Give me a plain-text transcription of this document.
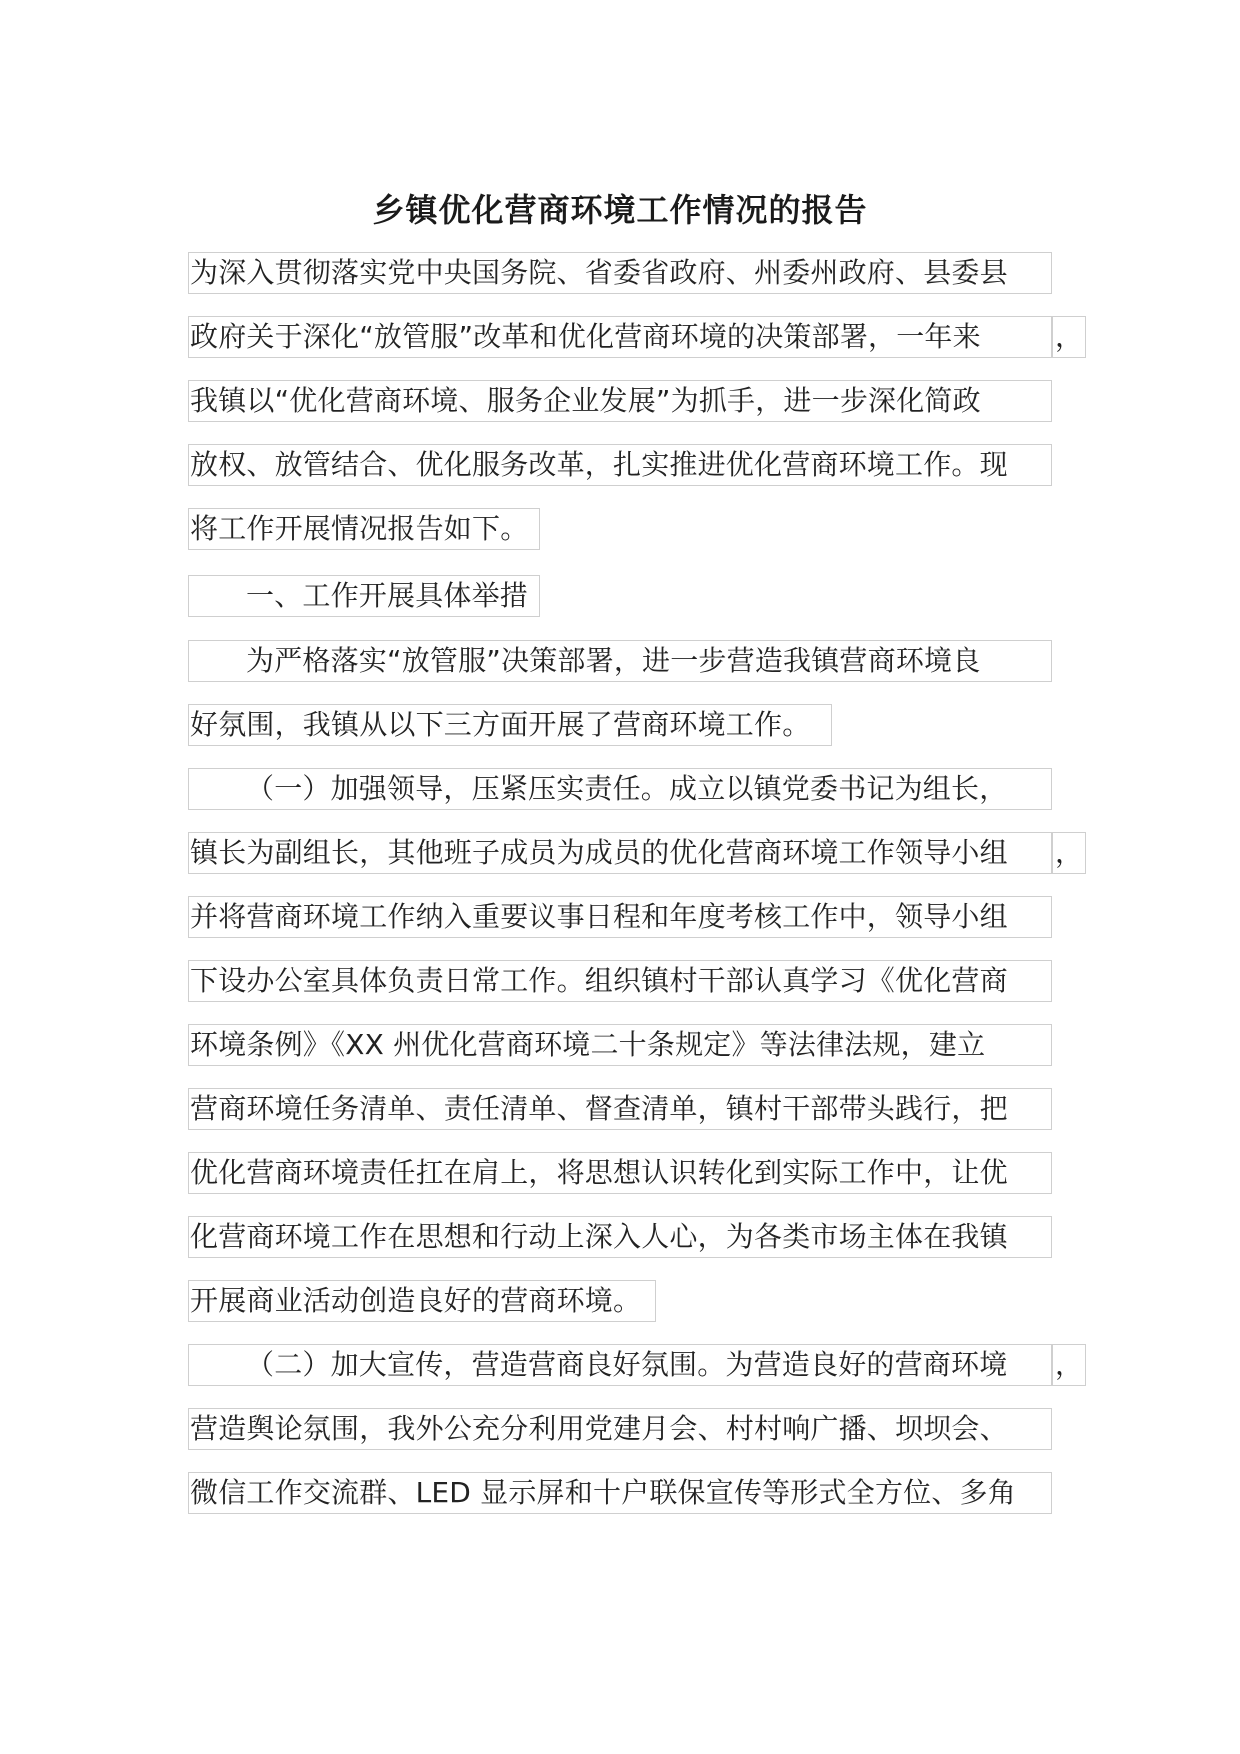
乡镇优化营商环境工作情况的报告
为深入贯彻落实党中央国务院、省委省政府、州委州政府、县委县
政府关于深化“放管服”改革和优化营商环境的决策部署，一年来	，
我镇以“优化营商环境、服务企业发展”为抓手，进一步深化简政
放权、放管结合、优化服务改革，扎实推进优化营商环境工作。现
将工作开展情况报告如下。
一、工作开展具体举措
为严格落实“放管服”决策部署，进一步营造我镇营商环境良
好氛围，我镇从以下三方面开展了营商环境工作。
（一）加强领导，压紧压实责任。成立以镇党委书记为组长，
镇长为副组长，其他班子成员为成员的优化营商环境工作领导小组	，
并将营商环境工作纳入重要议事日程和年度考核工作中，领导小组
下设办公室具体负责日常工作。组织镇村干部认真学习《优化营商
环境条例》《XX 州优化营商环境二十条规定》等法律法规，建立
营商环境任务清单、责任清单、督查清单，镇村干部带头践行，把
优化营商环境责任扛在肩上，将思想认识转化到实际工作中，让优
化营商环境工作在思想和行动上深入人心，为各类市场主体在我镇
开展商业活动创造良好的营商环境。
（二）加大宣传，营造营商良好氛围。为营造良好的营商环境	，
营造舆论氛围，我外公充分利用党建月会、村村响广播、坝坝会、
微信工作交流群、LED 显示屏和十户联保宣传等形式全方位、多角
